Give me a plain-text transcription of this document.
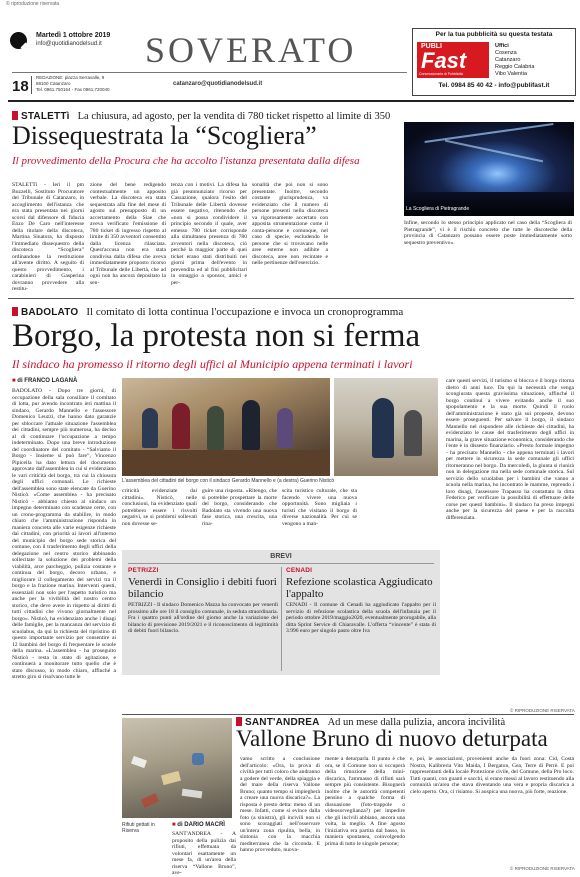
© riproduzione riservata
Martedì 1 ottobre 2019
info@quotidianodelsud.it SOVERATO
18
REDAZIONE: piazza Serravalle, 9
88100 Catanzaro
Tel. 0961.750164 - Fax 0961.720040
catanzaro@quotidianodelsud.it
Per la tua pubblicità su questa testata
PUBLI
Fast
Concessionaria di Pubblicità
Uffici
Cosenza
Catanzaro
Reggio Calabria
Vibo Valentia
Tel. 0984 85 40 42 - info@publifast.it
STALETTì La chiusura, ad agosto, per la vendita di 780 ticket rispetto al limite di 350
Dissequestrata la “Scogliera”
Il provvedimento della Procura che ha accolto l'istanza presentata dalla difesa
La Scogliera di Pietragrande
STALETTì - Ieri il pm Buzzelli, Sostituto Procuratore del Tribunale di Catanzaro, in accoglimento dell'istanza che era stata presentata nei giorni scorsi dal difensore di fiducia Enzo De Caro nell'interesse della titolare della discoteca, Martina Sinatora, ha disposto l'immediato dissequestro della discoteca “Scogliera” ordinandone la restituzione all'avente diritto. A seguito di questo provvedimento, i carabinieri di Gasperina dovranno provvedere alla restitu-
zione del bene redigendo contestualmente un apposito verbale. La discoteca era stata sequestrata alla fine del mese di agosto sul presupposto di un accertamento della Siae che aveva verificato l'emissione di 780 ticket di ingresso rispetto al limite di 350 avventori consentito dalla licenza rilasciata. Quest'accusa non era stata condivisa dalla difesa che aveva immediatamente proposto ricorso al Tribunale delle Libertà, che ad ogni non ha ancora depositato la sen-
tenza con i motivi. La difesa ha già preannunziato ricorso per Cassazione, qualora l'esito del Tribunale delle Libertà dovesse essere negativo, ritenendo che «non si possa condividere il principio secondo il quale, aver emesso 780 ticket corrisponde alla simultanea presenza di 780 avventori nella discoteca, ciò perché la maggior parte di quei ticket erano stati distribuiti nei giorni prima dell'evento in prevendita ed al fini pubblicitari in omaggio a sponsor, amici e per-
sonalità che poi non si sono presentate. Inoltre, secondo costante giurisprudenza, va evidenziato che il numero di persone presenti nella discoteca va rigorosamente accertato con apposita strumentazione come il conta-persone e comunque, nel caso di specie, escludendo le persone che si trovavano nelle aree esterne non adibite a discoteca, aree non recintate e nelle pertinenze dell'esercizio.
Infine, secondo lo stesso principio applicato nel caso della “Scogliera di Pietragrande”, vi è il rischio concreto che tutte le discoteche della provincia di Catanzaro possano essere poste immediatamente sotto sequestro preventivo».
BADOLATO Il comitato di lotta continua l'occupazione e invoca un cronoprogramma
Borgo, la protesta non si ferma
Il sindaco ha promesso il ritorno degli uffici al Municipio appena terminati i lavori
■ di FRANCO LAGANÀ
BADOLATO - Dopo tre giorni, di occupazione della sala consiliare il comitato di lotta, pur avendo incontrato ieri mattina il sindaco, Gerardo Mannello e l'assessore Domenico Leuzzi, che hanno dato garanzie per sbloccare l'attuale situazione l'assemblea dei cittadini, sempre più numerosa, ha deciso al di continuare l'occupazione a tempo indeterminato. Dopo una breve introduzione del coordinatore del comitato - “Salviamo il Borgo - Insieme si può fare”, Vincenzo Pipicella ha dato lettura del documento approvato dall'assemblea in cui si evidenziano le vari criticità del borgo, tra cui la chiusura degli uffici comunali. Le richieste dell'assemblea sono state elencate da Guerino Nisticò. «Come assemblea - ha precisato Nisticò - abbiamo chiesto al sindaco un impegno determinato con scadenze certe, con un crono-programma da stabilire, in modo chiaro che l'amministrazione risponda in maniera concreta alle varie esigenze richieste dai cittadini, con priorità ai lavori all'interno del municipio del borgo sede storica del comune, con il trasferimento degli uffici della delegazione nel centro storico abbinando sollecitate la soluzione dei problemi della viabilità, arce parcheggio, pulizia costante e continua del borgo, decoro urbano, e migliorare il collegamento dei servizi tra il borgo e la frazione marina. Interventi questi, essenziali non solo per l'aspetto turistico ma anche per la vivibilità del nostro centro storico, che deve avere in rispetto ai diritti di tutti cittadini che vivono giornalmente nel borgo». Nisticò, ha evidenziato anche i disagi delle famiglie, per la mancanza del servizio di scuolabus, da qui la richiesta del ripristino di questo importante servizio per consentire ai 12 bambini del borgo di frequentare le scuole della marina. «L'assemblea - ha proseguito Nisticò - resta in stato di agitazione, e continuerà a monitorare tutto quello che è stato discusso, in modo chiaro, affinché a stretto giro si risolvano tutte le
L'assemblea del cittadini del borgo con il sindaco Gerardo Mannello e (a destra) Guerino Nisticò
criticità evidenziate dai cittadini». Nisticò, nelle conclusioni, ha evidenziato quali potrebbero essere i risvolti negativi, se si problemi sollevati non dovesse se-
guire una risposta. «Ritengo, che si potrebbe prospettare la morte del borgo, considerando che Badolato sta vivendo una nuova fase storica, una crescita, una rina-
scita turistico culturale, che sta facendo vivere una nuova opportunità. Sono migliaia i turisti che visitano il borgo di diverse nazionalità. Per cui se vengono a man-
care questi servizi, il turismo si blocca e il borgo ritorna dietro di anni luce. Da qui la necessità che venga scongiurata questa gravissima situazione, affinché il borgo continui a vivere evitando anche il suo spopolamento e la sua morte. Quindi il ruolo dell'amministrazione è stato già sui propeste, devono essere proseguenti. Per salvare il borgo, il sindaco Mannello nel rispondere alle richieste dei cittadini, ha evidenziato le cause del trasferimento degli uffici in marina, la grave situazione economica, considerando che l'ente è in dissesto finanziario. «Presto formale impegno - ha precisato Mannello - che appena terminati i lavori per mettere in sicurezza la sede comunale gli uffici ritorneranno nel borgo. Da mercoledì, la giunta si riunirà non in delegazione ma nella sede comunale storica. Sul servizio dello scuolabus per i bambini che vanno a scuola nella marina, ho incontrato le mamme, reprendo i loro disagi, l'assessore Trapasso ha contattato la ditta Federico per verificare la possibilità di effettuare delle corse per questi bambini». Il sindaco ha preso impegni anche per la sicurezza del paese e per la raccolta differenziata.
© RIPRODUZIONE RISERVATA
BREVI
PETRIZZI
Venerdì in Consiglio i debiti fuori bilancio
PETRIZZI - Il sindaco Domenico Mazza ha convocato per venerdì prossimo alle ore 18 il consiglio comunale, in seduta straordinaria. Fra i quattro punti all'ordine del giorno anche la variazione del bilancio di previsione 2019/2021 e il riconoscimento di legittimità di debiti fuori bilancio.
CENADI
Refezione scolastica Aggiudicato l'appalto
CENADI - Il comune di Cenadi ha aggiudicato l'appalto per il servizio di refezione scolastica della scuola dell'infanzia per il periodo ottobre 2019/maggio2020, eventualmente prorogabile, alla ditta Sprint Service di Chiaravalle. L'offerta “vincente” è stata di 3.996 euro per singolo pasto oltre Iva
SANT'ANDREA Ad un mese dalla pulizia, ancora incivilità
Vallone Bruno di nuovo deturpata
Rifiuti gettati in Riserva
■ di DARIO MACRÌ
SANT'ANDREA - A proposito della pulizia dai rifiuti, effettuata da volontari esattamente un mese fa, di un'area della riserva “Vallone Bruno”, ave-
vamo scritto a conclusione dell'articolo: «Ora, la prova di civiltà per tutti coloro che andranno a godere del verde, della spiaggia e del mare della riserva Vallone Bruno; quanto tempo si impiegherà a creare una nuova discarica?». La risposta è presto detta: meno di un mese. Infatti, come si evince dalla foto (a sinistra), gli incivili non si sono scoraggiati nell'osservare un'intera zona ripulita, bella, in sintonia con la macchia mediterranea che la circonda. E hanno provveduto, nuova-
mente a deturparla. Il punto è che ora, se il Comune non si occuperà della rimozione della mini-discarica, l'ammasso di rifiuti sarà sempre più consistente. Bisognerà inoltre che le autorità competenti pensino a qualche forma di dissuasione (foto-trappole o videosorveglianza?) per impedire che gli incivili abbiano, ancora una volta, la meglio. A fine agosto l'iniziativa era partita dal basso, in maniera spontanea, coinvolgendo prima di tutto le singole persone;
e, poi, le associazioni, provenienti anche da fuori zona: Cid, Costa Nostra, Kalibreria Vito Maida, I Bergaton, Gea, Terre di Perrè. E poi rappresentanti della locale Protezione civile, del Comune, della Pro loco. Tutti quanti, con guanti e sacchi, si erano messi al lavoro restituendo alla comunità un'area che stava diventando una vera e propria discarica a cielo aperto. Ora, ci risiamo. Si auspica una nuova, più forte, reazione.
© RIPRODUZIONE RISERVATA
